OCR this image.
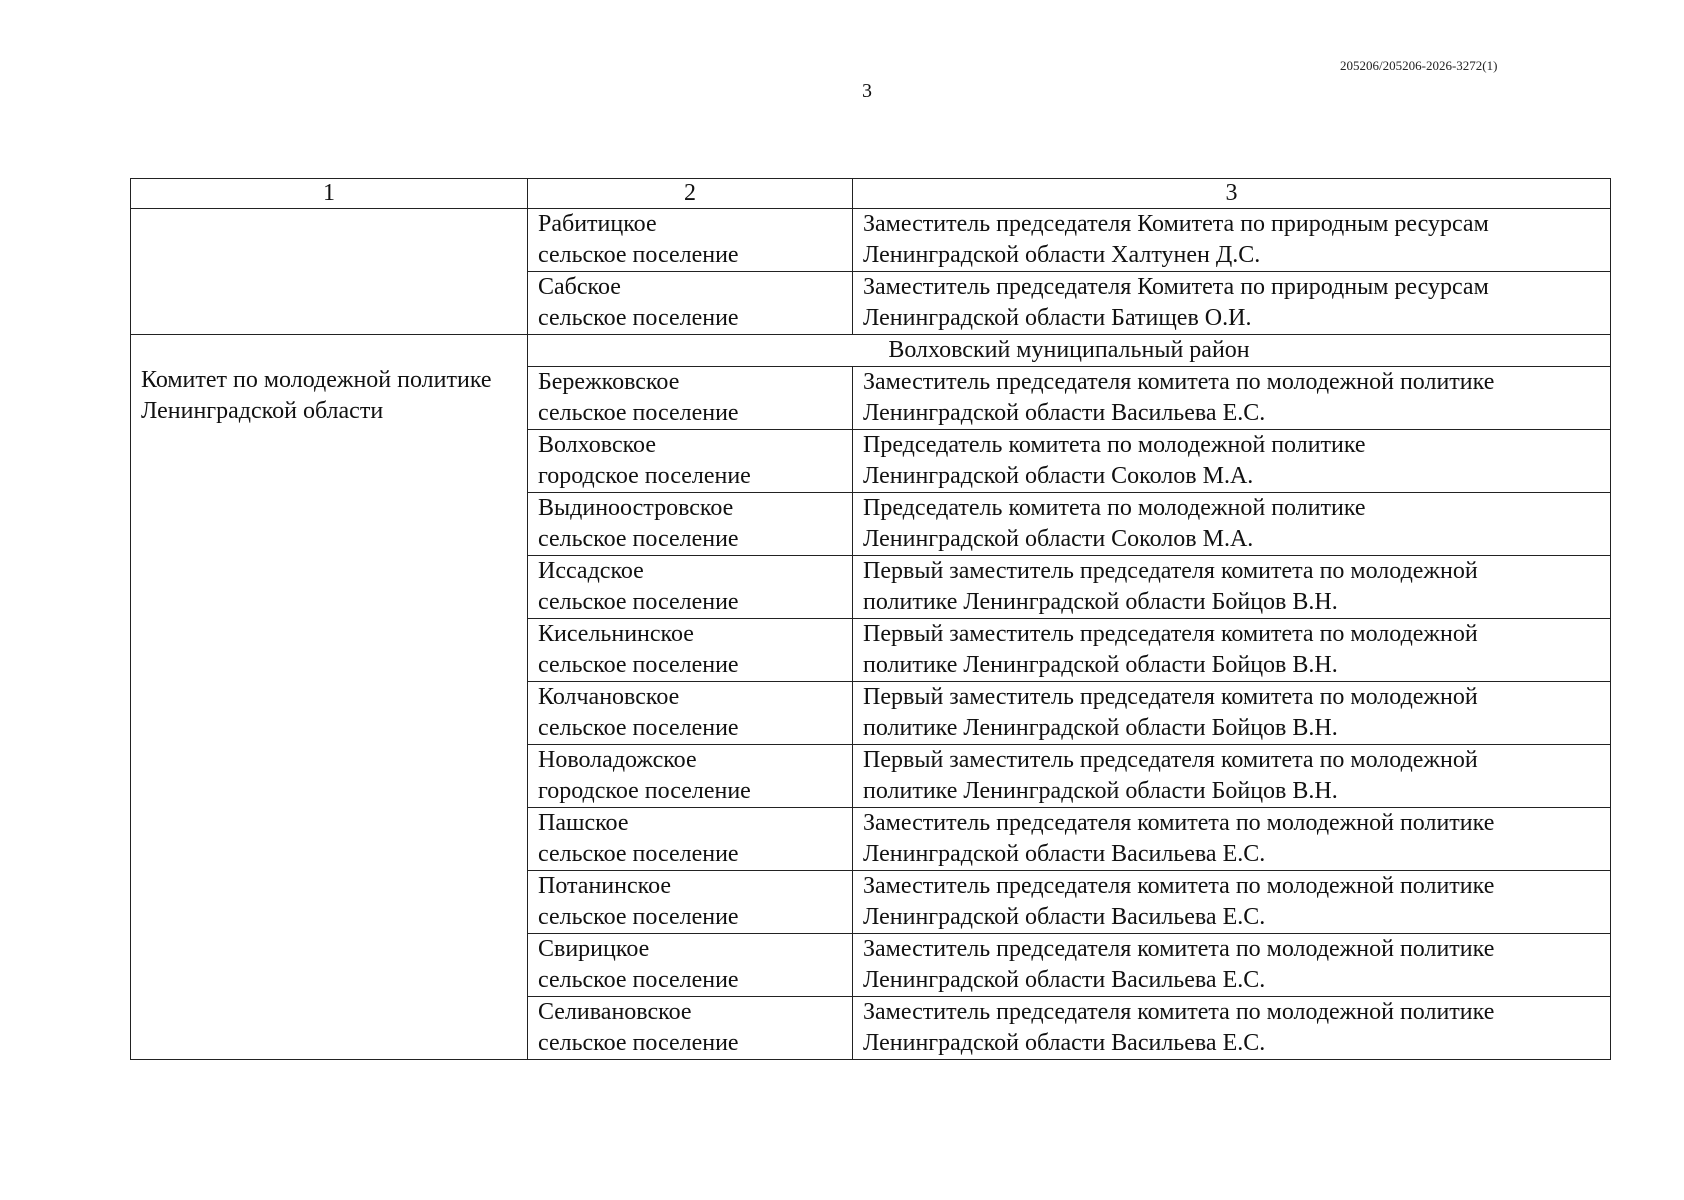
205206/205206-2026-3272(1)
3
1	2	3

	Рабитицкое
сельское поселение	Заместитель председателя Комитета по природным ресурсам
Ленинградской области Халтунен Д.С.

	Сабское
сельское поселение	Заместитель председателя Комитета по природным ресурсам
Ленинградской области Батищев О.И.

Комитет по молодежной политике Ленинградской области	Волховский муниципальный район	

	Бережковское
сельское поселение	Заместитель председателя комитета по молодежной политике
Ленинградской области Васильева Е.С.

	Волховское
городское поселение	Председатель комитета по молодежной политике
Ленинградской области Соколов М.А.

	Выдиноостровское
сельское поселение	Председатель комитета по молодежной политике
Ленинградской области Соколов М.А.

	Иссадское
сельское поселение	Первый заместитель председателя комитета по молодежной
политике Ленинградской области Бойцов В.Н.

	Кисельнинское
сельское поселение	Первый заместитель председателя комитета по молодежной
политике Ленинградской области Бойцов В.Н.

	Колчановское
сельское поселение	Первый заместитель председателя комитета по молодежной
политике Ленинградской области Бойцов В.Н.

	Новоладожское
городское поселение	Первый заместитель председателя комитета по молодежной
политике Ленинградской области Бойцов В.Н.

	Пашское
сельское поселение	Заместитель председателя комитета по молодежной политике
Ленинградской области Васильева Е.С.

	Потанинское
сельское поселение	Заместитель председателя комитета по молодежной политике
Ленинградской области Васильева Е.С.

	Свирицкое
сельское поселение	Заместитель председателя комитета по молодежной политике
Ленинградской области Васильева Е.С.

	Селивановское
сельское поселение	Заместитель председателя комитета по молодежной политике
Ленинградской области Васильева Е.С.
